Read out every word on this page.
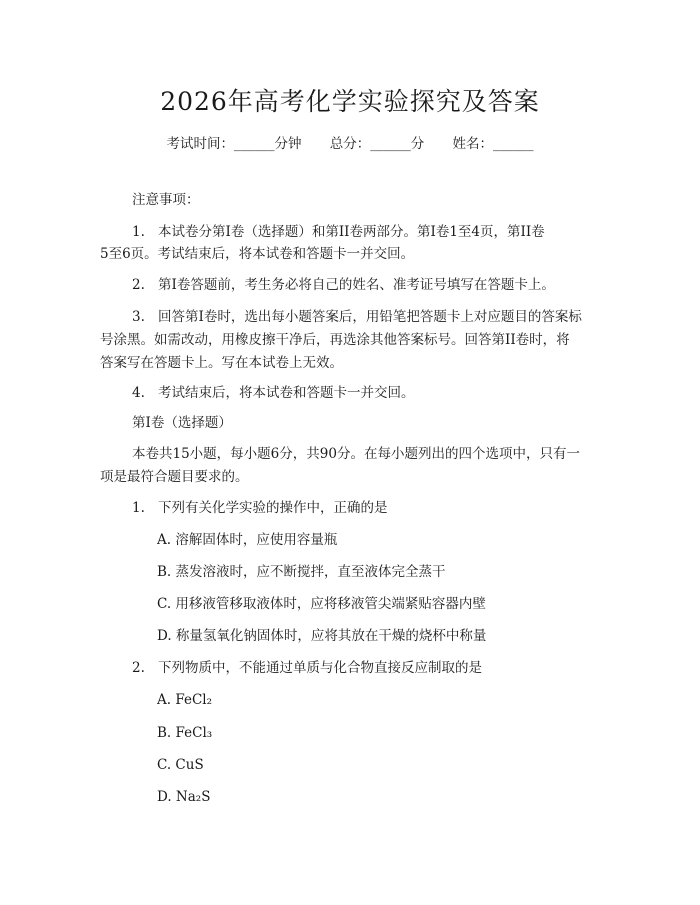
2026年高考化学实验探究及答案
考试时间：______分钟 总分：______分 姓名：______
注意事项：
1. 本试卷分第I卷（选择题）和第II卷两部分。第I卷1至4页，第II卷
5至6页。考试结束后，将本试卷和答题卡一并交回。
2. 第I卷答题前，考生务必将自己的姓名、准考证号填写在答题卡上。
3. 回答第I卷时，选出每小题答案后，用铅笔把答题卡上对应题目的答案标
号涂黑。如需改动，用橡皮擦干净后，再选涂其他答案标号。回答第II卷时，将
答案写在答题卡上。写在本试卷上无效。
4. 考试结束后，将本试卷和答题卡一并交回。
第I卷（选择题）
本卷共15小题，每小题6分，共90分。在每小题列出的四个选项中，只有一
项是最符合题目要求的。
1. 下列有关化学实验的操作中，正确的是
A. 溶解固体时，应使用容量瓶
B. 蒸发溶液时，应不断搅拌，直至液体完全蒸干
C. 用移液管移取液体时，应将移液管尖端紧贴容器内壁
D. 称量氢氧化钠固体时，应将其放在干燥的烧杯中称量
2. 下列物质中，不能通过单质与化合物直接反应制取的是
A. FeCl₂
B. FeCl₃
C. CuS
D. Na₂S
